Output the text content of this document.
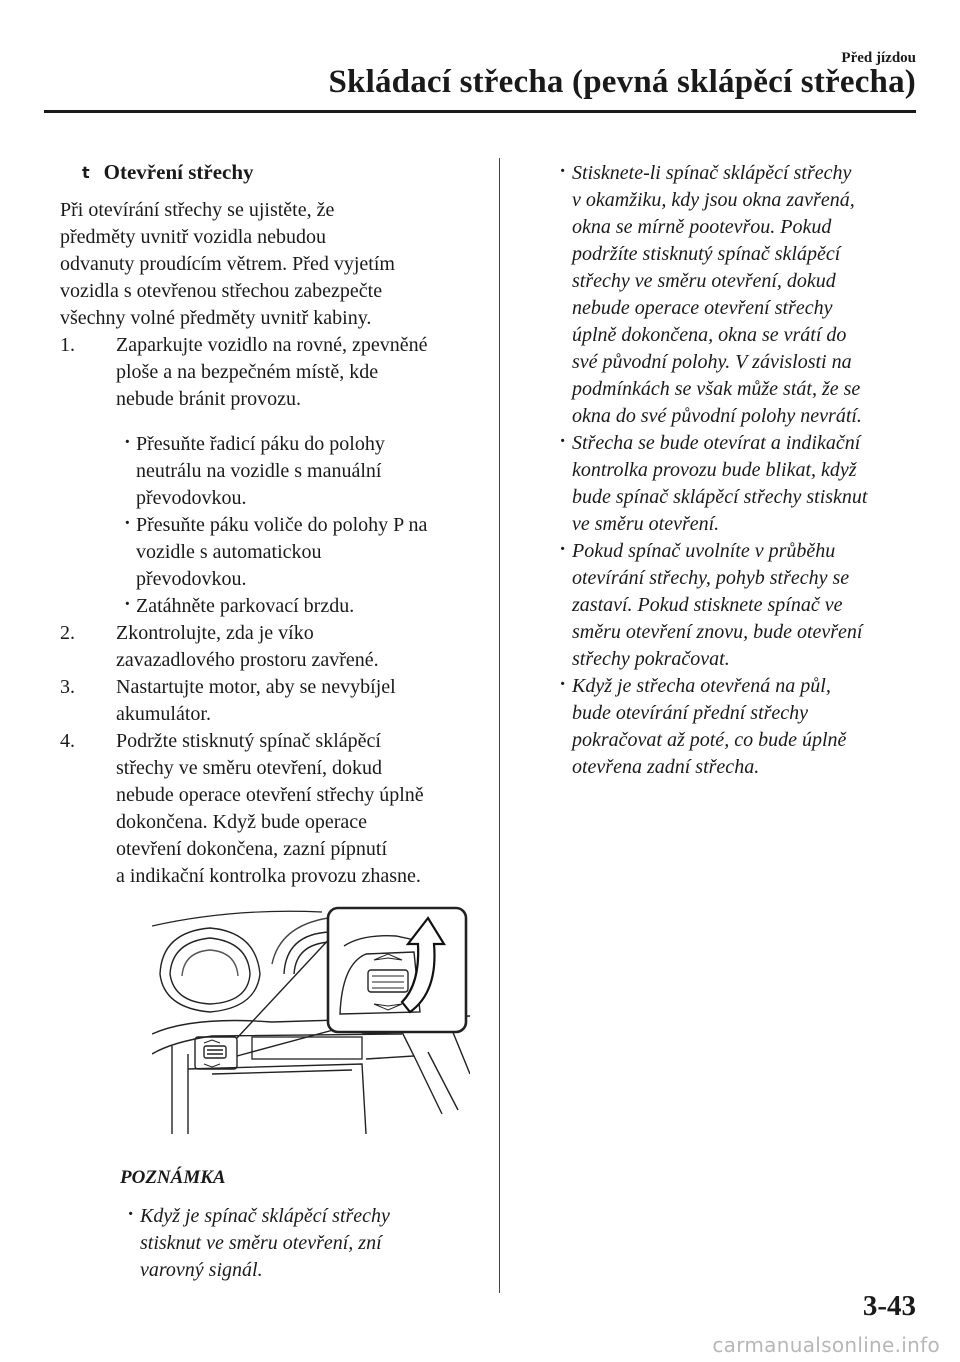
Před jízdou
Skládací střecha (pevná sklápěcí střecha)
t Otevření střechy
Při otevírání střechy se ujistěte, že
předměty uvnitř vozidla nebudou
odvanuty proudícím větrem. Před vyjetím
vozidla s otevřenou střechou zabezpečte
všechny volné předměty uvnitř kabiny.
1.	Zaparkujte vozidlo na rovné, zpevněné
ploše a na bezpečném místě, kde
nebude bránit provozu.
· Přesuňte řadicí páku do polohy
neutrálu na vozidle s manuální
převodovkou.
· Přesuňte páku voliče do polohy P na
vozidle s automatickou
převodovkou.
· Zatáhněte parkovací brzdu.
2.	Zkontrolujte, zda je víko
zavazadlového prostoru zavřené.
3.	Nastartujte motor, aby se nevybíjel
akumulátor.
4.	Podržte stisknutý spínač sklápěcí
střechy ve směru otevření, dokud
nebude operace otevření střechy úplně
dokončena. Když bude operace
otevření dokončena, zazní pípnutí
a indikační kontrolka provozu zhasne.
POZNÁMKA
· Když je spínač sklápěcí střechy
stisknut ve směru otevření, zní
varovný signál.
· Stisknete-li spínač sklápěcí střechy
v okamžiku, kdy jsou okna zavřená,
okna se mírně pootevřou. Pokud
podržíte stisknutý spínač sklápěcí
střechy ve směru otevření, dokud
nebude operace otevření střechy
úplně dokončena, okna se vrátí do
své původní polohy. V závislosti na
podmínkách se však může stát, že se
okna do své původní polohy nevrátí.
· Střecha se bude otevírat a indikační
kontrolka provozu bude blikat, když
bude spínač sklápěcí střechy stisknut
ve směru otevření.
· Pokud spínač uvolníte v průběhu
otevírání střechy, pohyb střechy se
zastaví. Pokud stisknete spínač ve
směru otevření znovu, bude otevření
střechy pokračovat.
· Když je střecha otevřená na půl,
bude otevírání přední střechy
pokračovat až poté, co bude úplně
otevřena zadní střecha.
3-43
carmanualsonline.info
